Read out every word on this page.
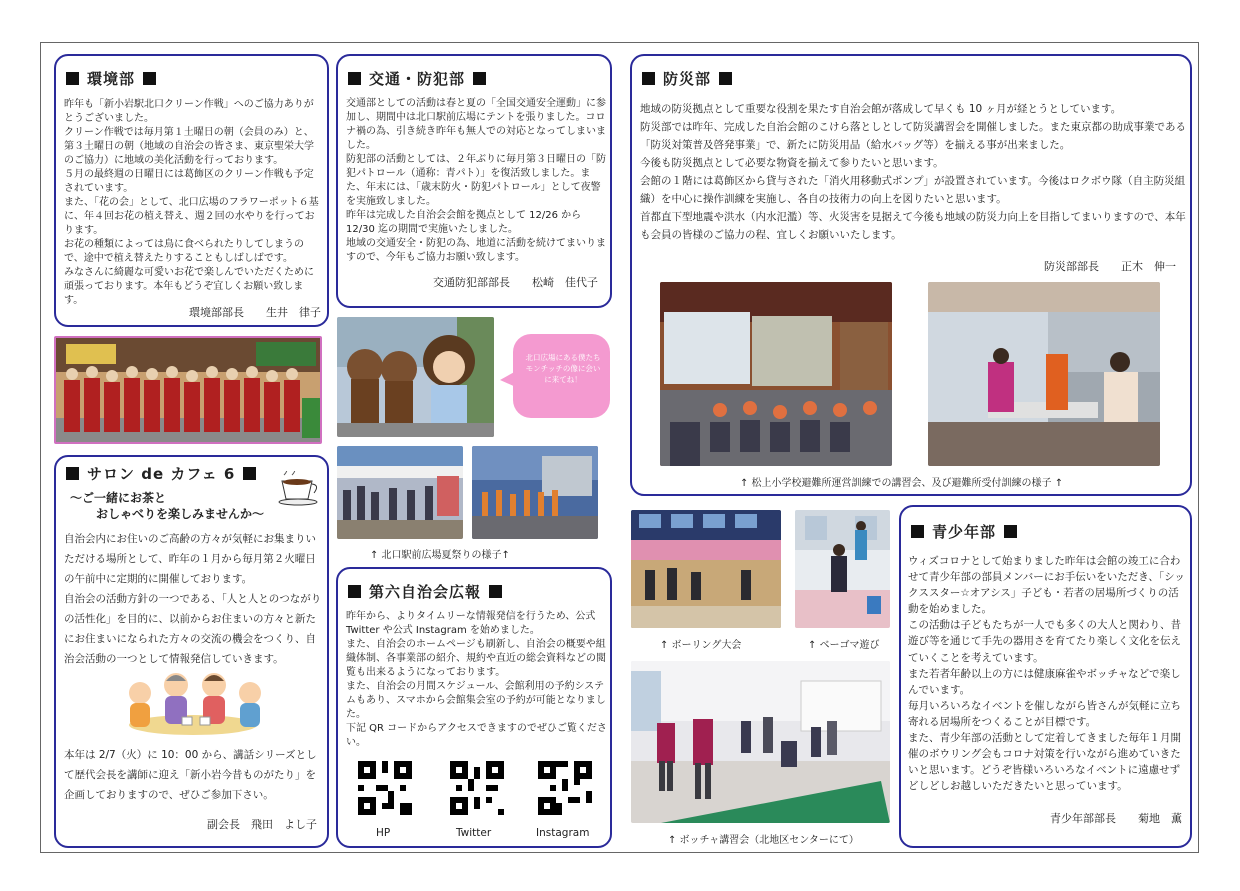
環境部

昨年も「新小岩駅北口クリーン作戦」へのご協力ありがとうございました。
クリーン作戦では毎月第１土曜日の朝（会員のみ）と、第３土曜日の朝（地域の自治会の皆さま、東京聖栄大学のご協力）に地域の美化活動を行っております。
５月の最終週の日曜日には葛飾区のクリーン作戦も予定されています。
また、「花の会」として、北口広場のフラワーポット６基に、年４回お花の植え替え、週２回の水やりを行っております。
お花の種類によっては鳥に食べられたりしてしまうので、途中で植え替えたりすることもしばしばです。
みなさんに綺麗な可愛いお花で楽しんでいただくために頑張っております。本年もどうぞ宜しくお願い致します。

環境部部長　　生井　律子
交通・防犯部

交通部としての活動は春と夏の「全国交通安全運動」に参加し、期間中は北口駅前広場にテントを張りました。コロナ禍の為、引き続き昨年も無人での対応となってしまいました。
防犯部の活動としては、２年ぶりに毎月第３日曜日の「防犯パトロール（通称：青パト）」を復活致しました。また、年末には、「歳末防火・防犯パトロール」として夜警を実施致しました。
昨年は完成した自治会会館を拠点として 12/26 から 12/30 迄の期間で実施いたしました。
地域の交通安全・防犯の為、地道に活動を続けてまいりますので、今年もご協力お願い致します。

交通防犯部部長　　松崎　佳代子
北口広場にある僕たちモンチッチの像に会いに来てね！
↑ 北口駅前広場夏祭りの様子↑
防災部

地域の防災拠点として重要な役割を果たす自治会館が落成して早くも 10 ヶ月が経とうとしています。
防災部では昨年、完成した自治会館のこけら落としとして防災講習会を開催しました。また東京都の助成事業である「防災対策普及啓発事業」で、新たに防災用品（給水バッグ等）を揃える事が出来ました。
今後も防災拠点として必要な物資を揃えて参りたいと思います。
会館の１階には葛飾区から貸与された「消火用移動式ポンプ」が設置されています。今後はロクボウ隊（自主防災組織）を中心に操作訓練を実施し、各自の技術力の向上を図りたいと思います。
首都直下型地震や洪水（内水氾濫）等、火災害を見据えて今後も地域の防災力向上を目指してまいりますので、本年も会員の皆様のご協力の程、宜しくお願いいたします。

防災部部長　　正木　伸一
↑ 松上小学校避難所運営訓練での講習会、及び避難所受付訓練の様子 ↑
サロン de カフェ 6
～ご一緒にお茶と
おしゃべりを楽しみませんか～

自治会内にお住いのご高齢の方々が気軽にお集まりいただける場所として、昨年の１月から毎月第２火曜日の午前中に定期的に開催しております。
自治会の活動方針の一つである、「人と人とのつながりの活性化」を目的に、以前からお住まいの方々と新たにお住まいになられた方々の交流の機会をつくり、自治会活動の一つとして情報発信していきます。

本年は 2/7（火）に 10：00 から、講話シリーズとして歴代会長を講師に迎え「新小岩今昔ものがたり」を企画しておりますので、ぜひご参加下さい。

副会長　飛田　よし子
第六自治会広報

昨年から、よりタイムリーな情報発信を行うため、公式 Twitter や公式 Instagram を始めました。
また、自治会のホームページも刷新し、自治会の概要や組織体制、各事業部の紹介、規約や直近の総会資料などの閲覧も出来るようになっております。
また、自治会の月間スケジュール、会館利用の予約システムもあり、スマホから会館集会室の予約が可能となりました。
下記 QR コードからアクセスできますのでぜひご覧ください。

HP	Twitter	Instagram
↑ ボーリング大会	↑ ベーゴマ遊び
↑ ボッチャ講習会（北地区センターにて）
青少年部

ウィズコロナとして始まりました昨年は会館の竣工に合わせて青少年部の部員メンバーにお手伝いをいただき、「シックススター☆オアシス」子ども・若者の居場所づくりの活動を始めました。
この活動は子どもたちが一人でも多くの大人と関わり、昔遊び等を通じて手先の器用さを育てたり楽しく文化を伝えていくことを考えています。
また若者年齢以上の方には健康麻雀やボッチャなどで楽しんでいます。
毎月いろいろなイベントを催しながら皆さんが気軽に立ち寄れる居場所をつくることが目標です。
また、青少年部の活動として定着してきました毎年１月開催のボウリング会もコロナ対策を行いながら進めていきたいと思います。どうぞ皆様いろいろなイベントに遠慮せずどしどしお越しいただきたいと思っています。

青少年部部長　　菊地　薫
